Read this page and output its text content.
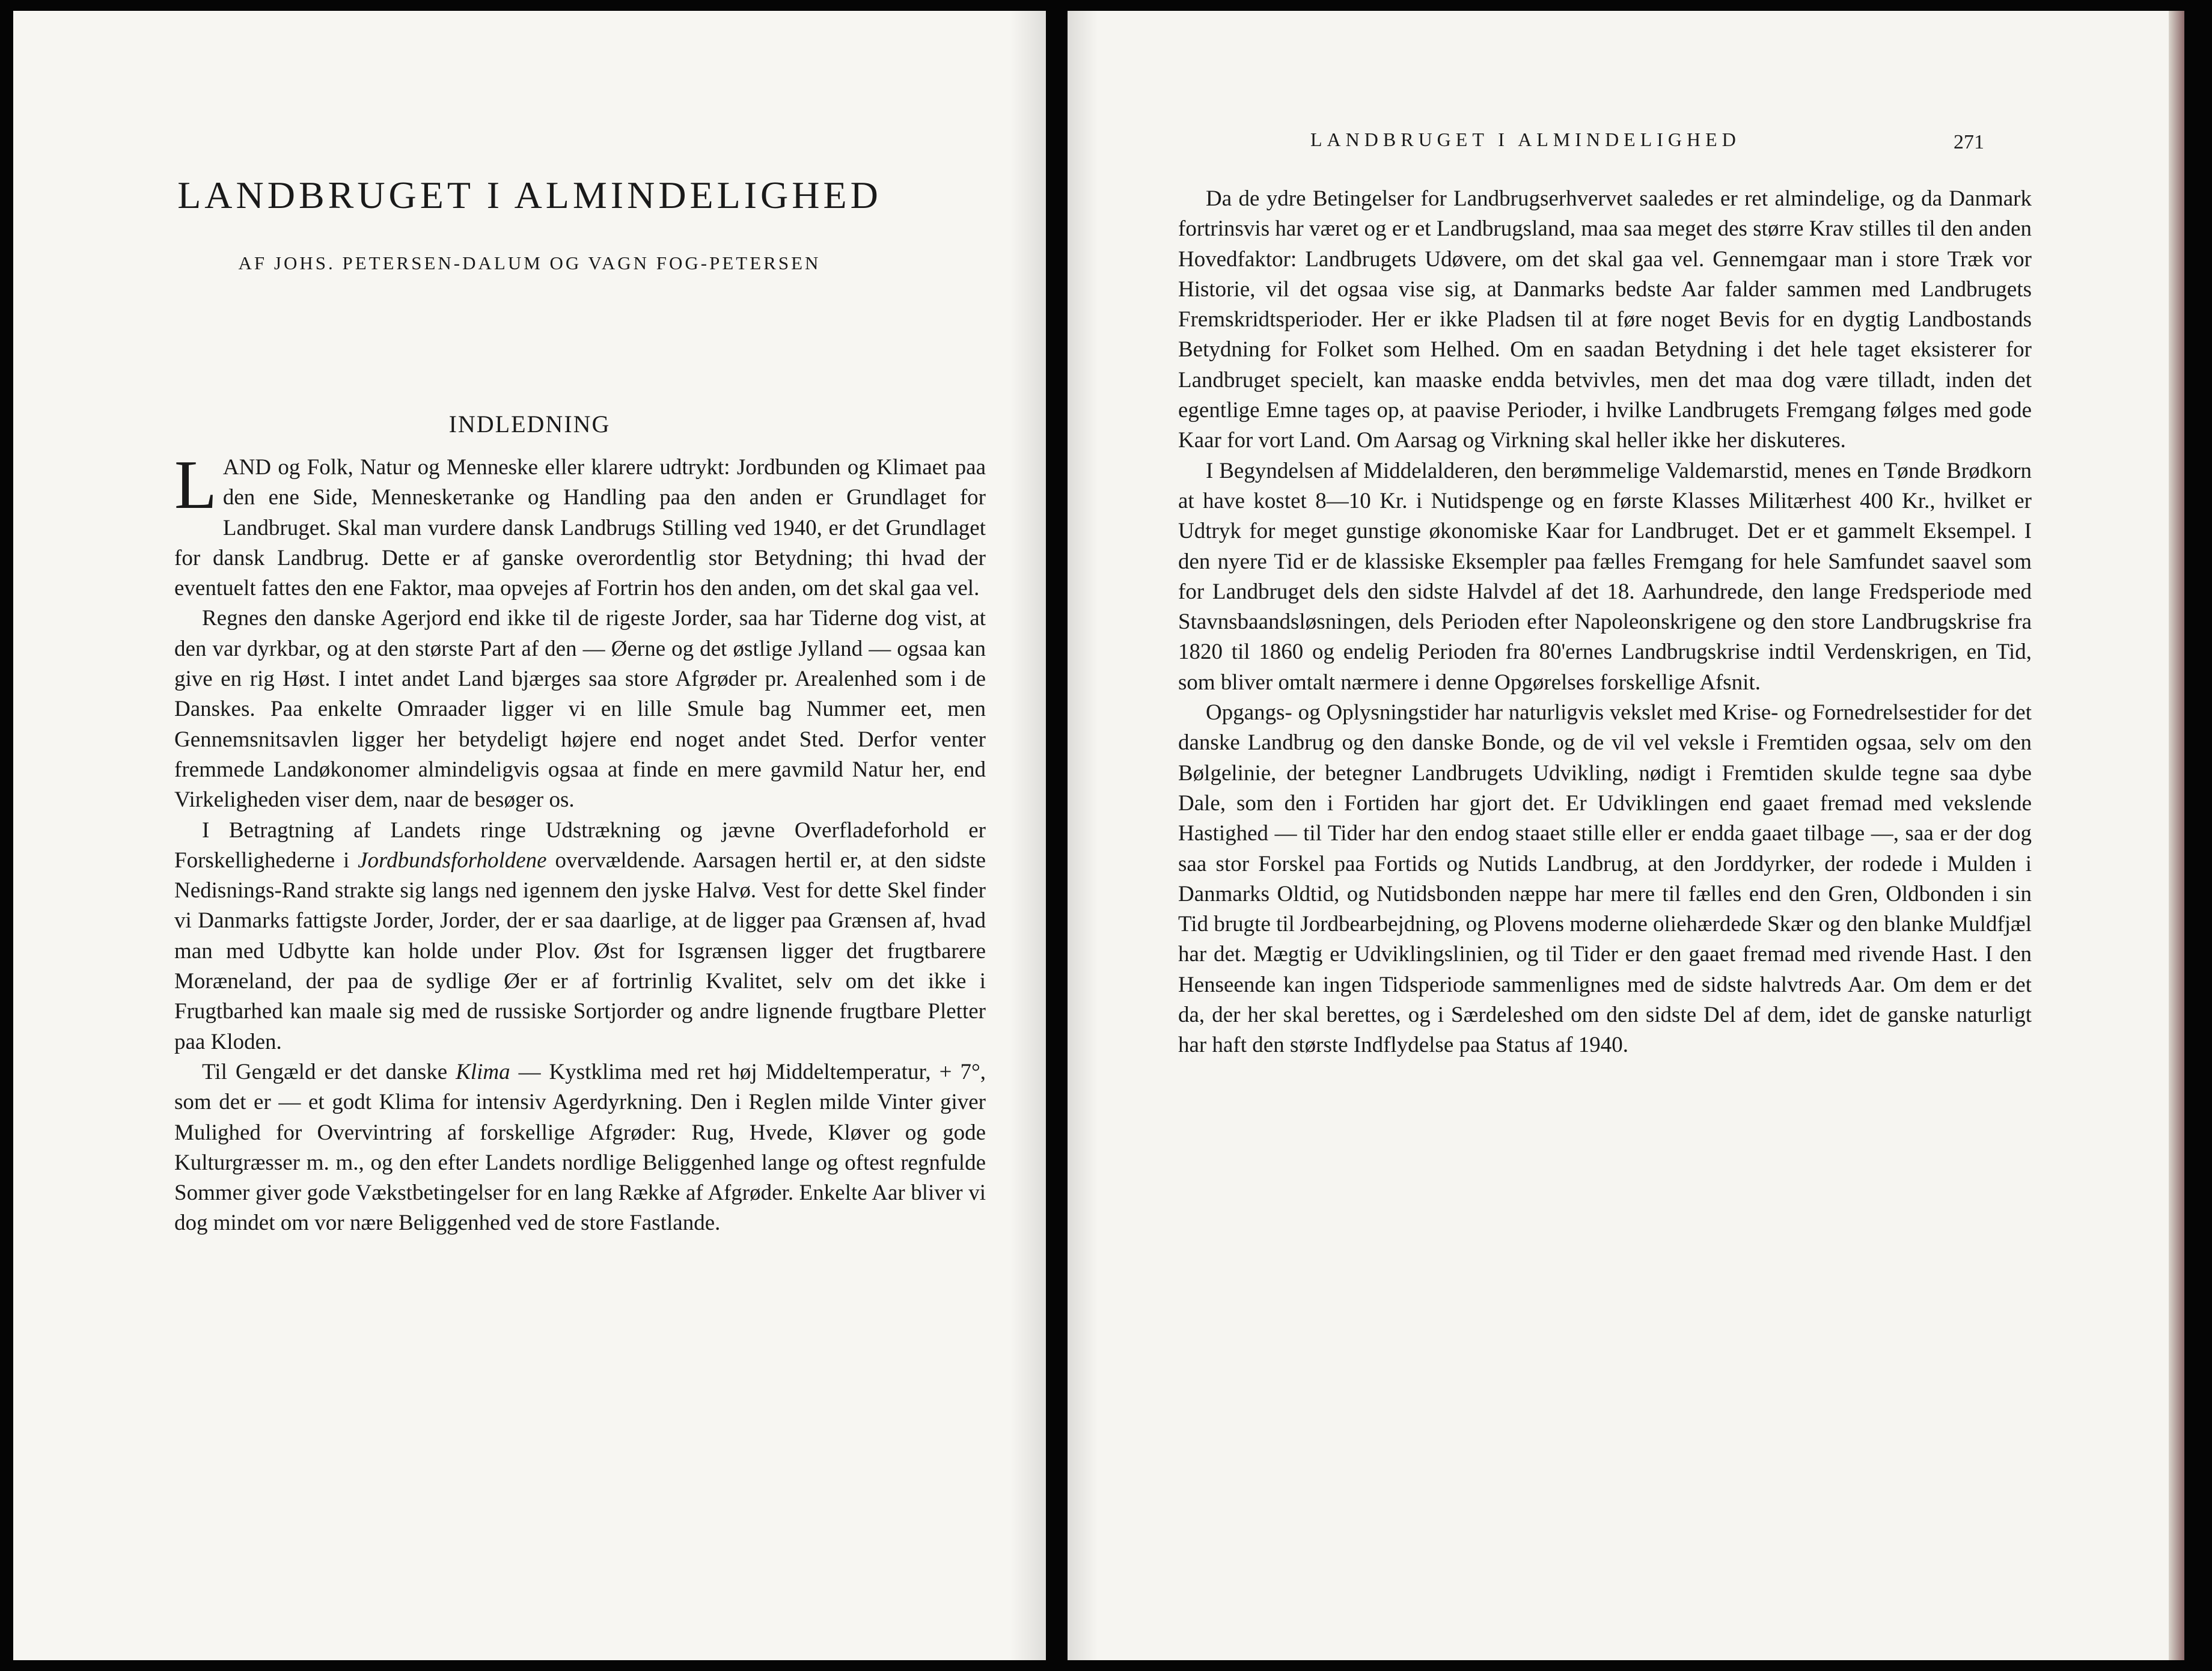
LANDBRUGET I ALMINDELIGHED
AF JOHS. PETERSEN-DALUM OG VAGN FOG-PETERSEN
INDLEDNING

LAND og Folk, Natur og Menneske eller klarere udtrykt: Jordbunden og Klimaet paa den ene Side, Menneskeтanke og Handling paa den anden er Grundlaget for Landbruget. Skal man vurdere dansk Landbrugs Stilling ved 1940, er det Grundlaget for dansk Landbrug. Dette er af ganske overordentlig stor Betydning; thi hvad der eventuelt fattes den ene Faktor, maa opvejes af Fortrin hos den anden, om det skal gaa vel.

Regnes den danske Agerjord end ikke til de rigeste Jorder, saa har Tiderne dog vist, at den var dyrkbar, og at den største Part af den — Øerne og det østlige Jylland — ogsaa kan give en rig Høst. I intet andet Land bjærges saa store Afgrøder pr. Arealenhed som i de Danskes. Paa enkelte Omraader ligger vi en lille Smule bag Nummer eet, men Gennemsnitsavlen ligger her betydeligt højere end noget andet Sted. Derfor venter fremmede Landøkonomer almindeligvis ogsaa at finde en mere gavmild Natur her, end Virkeligheden viser dem, naar de besøger os.

I Betragtning af Landets ringe Udstrækning og jævne Overfladeforhold er Forskellighederne i Jordbundsforholdene overvældende. Aarsagen hertil er, at den sidste Nedisnings-Rand strakte sig langs ned igennem den jyske Halvø. Vest for dette Skel finder vi Danmarks fattigste Jorder, Jorder, der er saa daarlige, at de ligger paa Grænsen af, hvad man med Udbytte kan holde under Plov. Øst for Isgrænsen ligger det frugtbarere Moræneland, der paa de sydlige Øer er af fortrinlig Kvalitet, selv om det ikke i Frugtbarhed kan maale sig med de russiske Sortjorder og andre lignende frugtbare Pletter paa Kloden.

Til Gengæld er det danske Klima — Kystklima med ret høj Middeltemperatur, + 7°, som det er — et godt Klima for intensiv Agerdyrkning. Den i Reglen milde Vinter giver Mulighed for Overvintring af forskellige Afgrøder: Rug, Hvede, Kløver og gode Kulturgræsser m. m., og den efter Landets nordlige Beliggenhed lange og oftest regnfulde Sommer giver gode Vækstbetingelser for en lang Række af Afgrøder. Enkelte Aar bliver vi dog mindet om vor nære Beliggenhed ved de store Fastlande.

LANDBRUGET I ALMINDELIGHED	271

Da de ydre Betingelser for Landbrugserhvervet saaledes er ret almindelige, og da Danmark fortrinsvis har været og er et Landbrugsland, maa saa meget des større Krav stilles til den anden Hovedfaktor: Landbrugets Udøvere, om det skal gaa vel. Gennemgaar man i store Træk vor Historie, vil det ogsaa vise sig, at Danmarks bedste Aar falder sammen med Landbrugets Fremskridtsperioder. Her er ikke Pladsen til at føre noget Bevis for en dygtig Landbostands Betydning for Folket som Helhed. Om en saadan Betydning i det hele taget eksisterer for Landbruget specielt, kan maaske endda betvivles, men det maa dog være tilladt, inden det egentlige Emne tages op, at paavise Perioder, i hvilke Landbrugets Fremgang følges med gode Kaar for vort Land. Om Aarsag og Virkning skal heller ikke her diskuteres.

I Begyndelsen af Middelalderen, den berømmelige Valdemarstid, menes en Tønde Brødkorn at have kostet 8—10 Kr. i Nutidspenge og en første Klasses Militærhest 400 Kr., hvilket er Udtryk for meget gunstige økonomiske Kaar for Landbruget. Det er et gammelt Eksempel. I den nyere Tid er de klassiske Eksempler paa fælles Fremgang for hele Samfundet saavel som for Landbruget dels den sidste Halvdel af det 18. Aarhundrede, den lange Fredsperiode med Stavnsbaandsløsningen, dels Perioden efter Napoleonskrigene og den store Landbrugskrise fra 1820 til 1860 og endelig Perioden fra 80'ernes Landbrugskrise indtil Verdenskrigen, en Tid, som bliver omtalt nærmere i denne Opgørelses forskellige Afsnit.

Opgangs- og Oplysningstider har naturligvis vekslet med Krise- og Fornedrelsestider for det danske Landbrug og den danske Bonde, og de vil vel veksle i Fremtiden ogsaa, selv om den Bølgelinie, der betegner Landbrugets Udvikling, nødigt i Fremtiden skulde tegne saa dybe Dale, som den i Fortiden har gjort det. Er Udviklingen end gaaet fremad med vekslende Hastighed — til Tider har den endog staaet stille eller er endda gaaet tilbage —, saa er der dog saa stor Forskel paa Fortids og Nutids Landbrug, at den Jorddyrker, der rodede i Mulden i Danmarks Oldtid, og Nutidsbonden næppe har mere til fælles end den Gren, Oldbonden i sin Tid brugte til Jordbearbejdning, og Plovens moderne oliehærdede Skær og den blanke Muldfjæl har det. Mægtig er Udviklingslinien, og til Tider er den gaaet fremad med rivende Hast. I den Henseende kan ingen Tidsperiode sammenlignes med de sidste halvtreds Aar. Om dem er det da, der her skal berettes, og i Særdeleshed om den sidste Del af dem, idet de ganske naturligt har haft den største Indflydelse paa Status af 1940.
